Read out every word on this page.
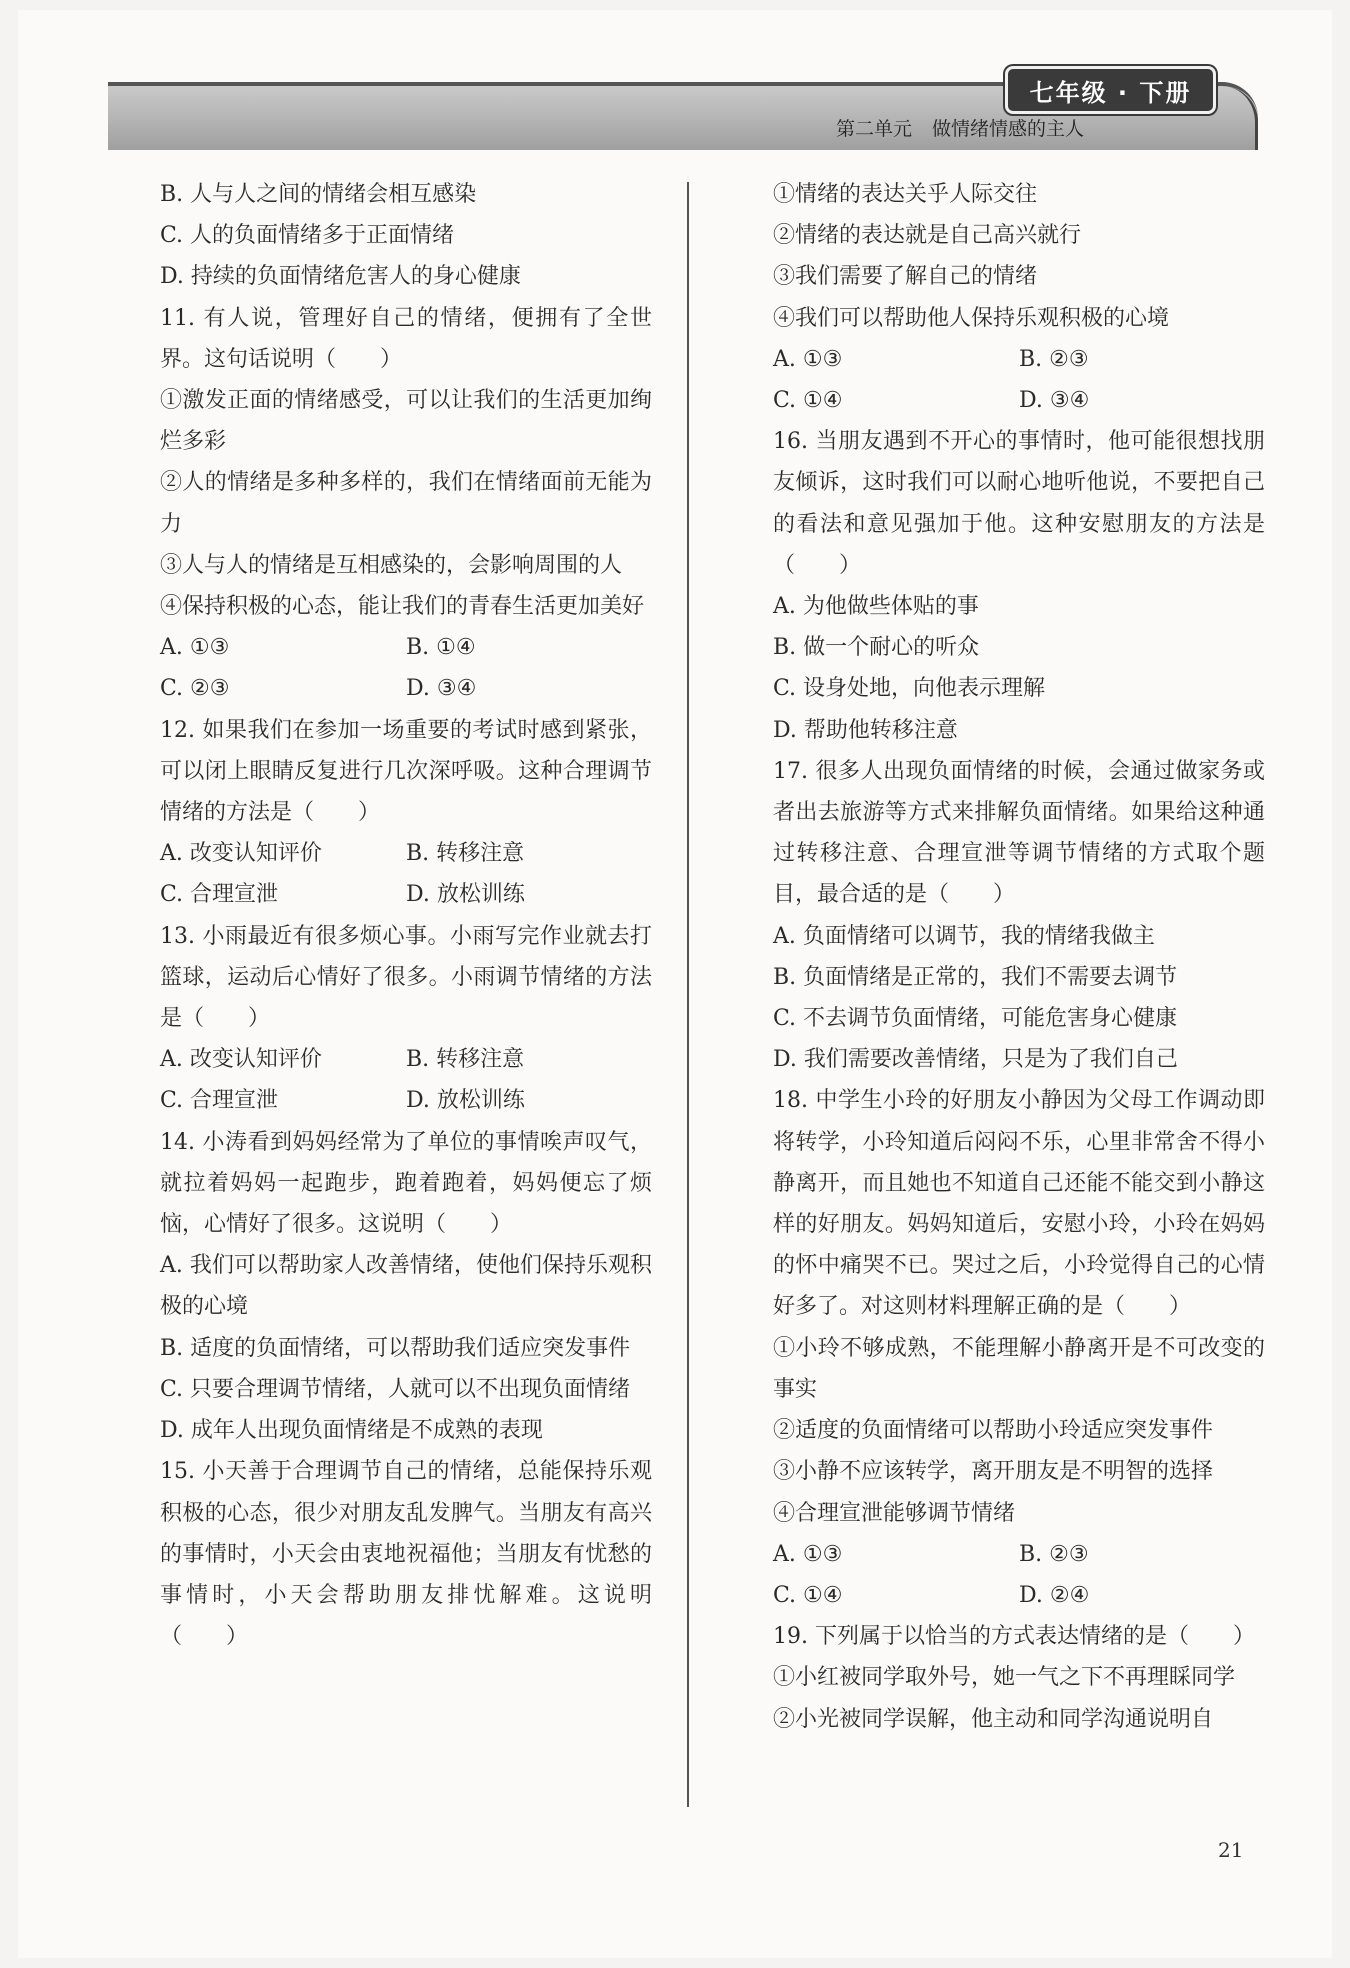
七年级 · 下册
第二单元 做情绪情感的主人

B. 人与人之间的情绪会相互感染

C. 人的负面情绪多于正面情绪

D. 持续的负面情绪危害人的身心健康

11. 有人说，管理好自己的情绪，便拥有了全世界。这句话说明（　　）

①激发正面的情绪感受，可以让我们的生活更加绚烂多彩

②人的情绪是多种多样的，我们在情绪面前无能为力

③人与人的情绪是互相感染的，会影响周围的人

④保持积极的心态，能让我们的青春生活更加美好

A. ①③	B. ①④
C. ②③	D. ③④

12. 如果我们在参加一场重要的考试时感到紧张，可以闭上眼睛反复进行几次深呼吸。这种合理调节情绪的方法是（　　）

A. 改变认知评价	B. 转移注意
C. 合理宣泄	D. 放松训练

13. 小雨最近有很多烦心事。小雨写完作业就去打篮球，运动后心情好了很多。小雨调节情绪的方法是（　　）

A. 改变认知评价	B. 转移注意
C. 合理宣泄	D. 放松训练

14. 小涛看到妈妈经常为了单位的事情唉声叹气，就拉着妈妈一起跑步，跑着跑着，妈妈便忘了烦恼，心情好了很多。这说明（　　）

A. 我们可以帮助家人改善情绪，使他们保持乐观积极的心境

B. 适度的负面情绪，可以帮助我们适应突发事件

C. 只要合理调节情绪，人就可以不出现负面情绪

D. 成年人出现负面情绪是不成熟的表现

15. 小天善于合理调节自己的情绪，总能保持乐观积极的心态，很少对朋友乱发脾气。当朋友有高兴的事情时，小天会由衷地祝福他；当朋友有忧愁的事情时，小天会帮助朋友排忧解难。这说明（　　）

①情绪的表达关乎人际交往

②情绪的表达就是自己高兴就行

③我们需要了解自己的情绪

④我们可以帮助他人保持乐观积极的心境

A. ①③	B. ②③
C. ①④	D. ③④

16. 当朋友遇到不开心的事情时，他可能很想找朋友倾诉，这时我们可以耐心地听他说，不要把自己的看法和意见强加于他。这种安慰朋友的方法是（　　）

A. 为他做些体贴的事

B. 做一个耐心的听众

C. 设身处地，向他表示理解

D. 帮助他转移注意

17. 很多人出现负面情绪的时候，会通过做家务或者出去旅游等方式来排解负面情绪。如果给这种通过转移注意、合理宣泄等调节情绪的方式取个题目，最合适的是（　　）

A. 负面情绪可以调节，我的情绪我做主

B. 负面情绪是正常的，我们不需要去调节

C. 不去调节负面情绪，可能危害身心健康

D. 我们需要改善情绪，只是为了我们自己

18. 中学生小玲的好朋友小静因为父母工作调动即将转学，小玲知道后闷闷不乐，心里非常舍不得小静离开，而且她也不知道自己还能不能交到小静这样的好朋友。妈妈知道后，安慰小玲，小玲在妈妈的怀中痛哭不已。哭过之后，小玲觉得自己的心情好多了。对这则材料理解正确的是（　　）

①小玲不够成熟，不能理解小静离开是不可改变的事实

②适度的负面情绪可以帮助小玲适应突发事件

③小静不应该转学，离开朋友是不明智的选择

④合理宣泄能够调节情绪

A. ①③	B. ②③
C. ①④	D. ②④

19. 下列属于以恰当的方式表达情绪的是（　　）

①小红被同学取外号，她一气之下不再理睬同学

②小光被同学误解，他主动和同学沟通说明自

21
